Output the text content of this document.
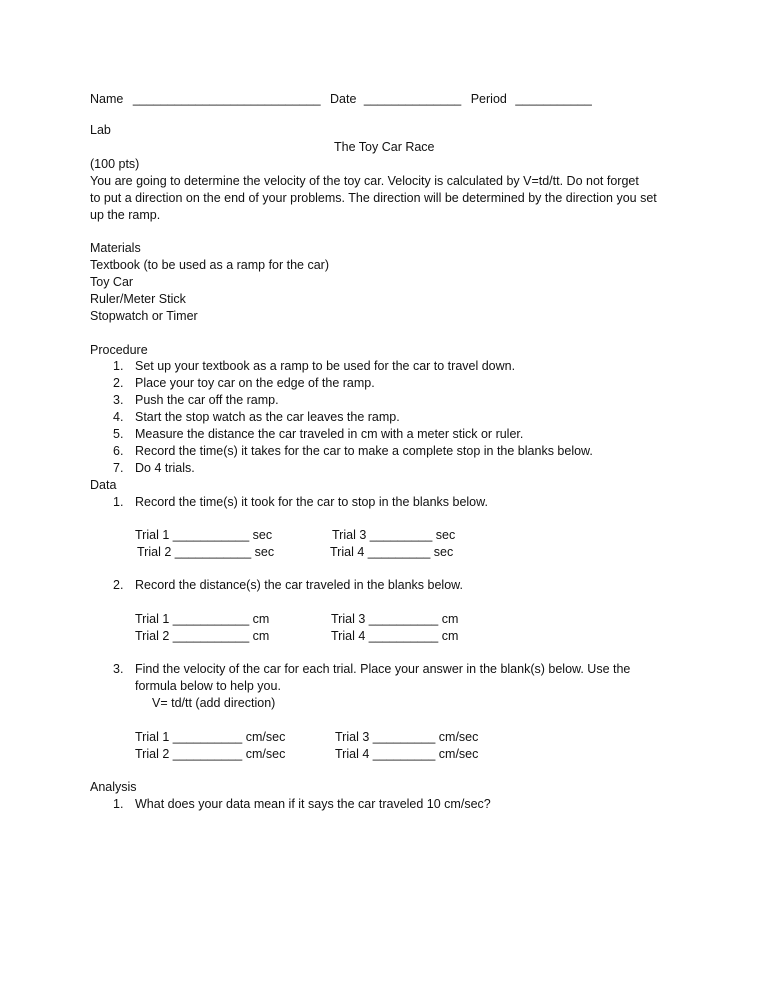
Name ___________________________ Date ______________ Period ___________
Lab
The Toy Car Race
(100 pts)
You are going to determine the velocity of the toy car. Velocity is calculated by V=td/tt. Do not forget
to put a direction on the end of your problems. The direction will be determined by the direction you set
up the ramp.
Materials
Textbook (to be used as a ramp for the car)
Toy Car
Ruler/Meter Stick
Stopwatch or Timer
Procedure
1. Set up your textbook as a ramp to be used for the car to travel down.
2. Place your toy car on the edge of the ramp.
3. Push the car off the ramp.
4. Start the stop watch as the car leaves the ramp.
5. Measure the distance the car traveled in cm with a meter stick or ruler.
6. Record the time(s) it takes for the car to make a complete stop in the blanks below.
7. Do 4 trials.
Data
1. Record the time(s) it took for the car to stop in the blanks below.
Trial 1 ___________ sec	Trial 3 _________ sec
Trial 2 ___________ sec	Trial 4 _________ sec
2. Record the distance(s) the car traveled in the blanks below.
Trial 1 ___________ cm	Trial 3 __________ cm
Trial 2 ___________ cm	Trial 4 __________ cm
3. Find the velocity of the car for each trial. Place your answer in the blank(s) below. Use the
formula below to help you.
V= td/tt (add direction)
Trial 1 __________ cm/sec	Trial 3 _________ cm/sec
Trial 2 __________ cm/sec	Trial 4 _________ cm/sec
Analysis
1. What does your data mean if it says the car traveled 10 cm/sec?
